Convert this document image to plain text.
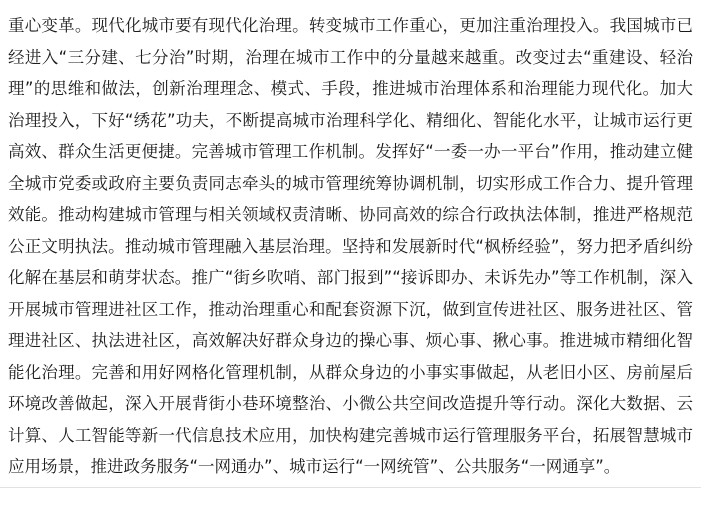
重心变革。现代化城市要有现代化治理。转变城市工作重心，更加注重治理投入。我国城市已经进入“三分建、七分治”时期，治理在城市工作中的分量越来越重。改变过去“重建设、轻治理”的思维和做法，创新治理理念、模式、手段，推进城市治理体系和治理能力现代化。加大治理投入，下好“绣花”功夫，不断提高城市治理科学化、精细化、智能化水平，让城市运行更高效、群众生活更便捷。完善城市管理工作机制。发挥好“一委一办一平台”作用，推动建立健全城市党委或政府主要负责同志牵头的城市管理统筹协调机制，切实形成工作合力、提升管理效能。推动构建城市管理与相关领域权责清晰、协同高效的综合行政执法体制，推进严格规范公正文明执法。推动城市管理融入基层治理。坚持和发展新时代“枫桥经验”，努力把矛盾纠纷化解在基层和萌芽状态。推广“街乡吹哨、部门报到”“接诉即办、未诉先办”等工作机制，深入开展城市管理进社区工作，推动治理重心和配套资源下沉，做到宣传进社区、服务进社区、管理进社区、执法进社区，高效解决好群众身边的操心事、烦心事、揪心事。推进城市精细化智能化治理。完善和用好网格化管理机制，从群众身边的小事实事做起，从老旧小区、房前屋后环境改善做起，深入开展背街小巷环境整治、小微公共空间改造提升等行动。深化大数据、云计算、人工智能等新一代信息技术应用，加快构建完善城市运行管理服务平台，拓展智慧城市应用场景，推进政务服务“一网通办”、城市运行“一网统管”、公共服务“一网通享”。
